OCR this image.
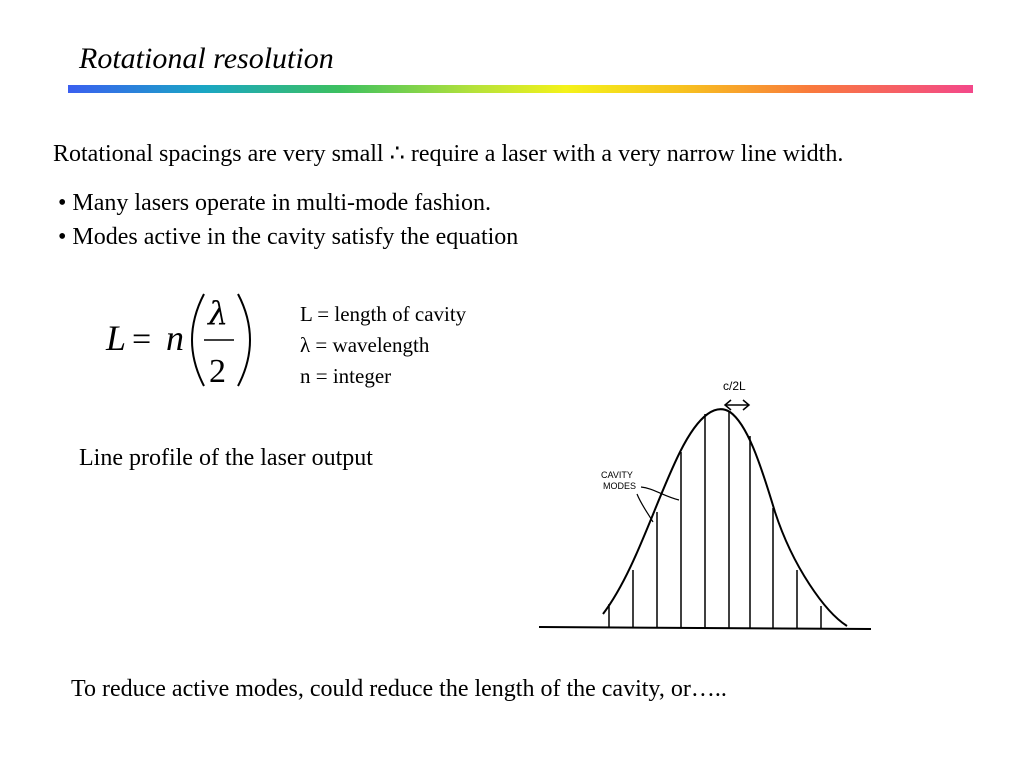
Rotational resolution
Rotational spacings are very small ∴ require a laser with a very narrow line width.
• Many lasers operate in multi-mode fashion.
• Modes active in the cavity satisfy the equation
L = n
λ
2
L = length of cavity
λ = wavelength
n = integer
Line profile of the laser output
c/2L
CAVITY
MODES
To reduce active modes, could reduce the length of the cavity, or…..
